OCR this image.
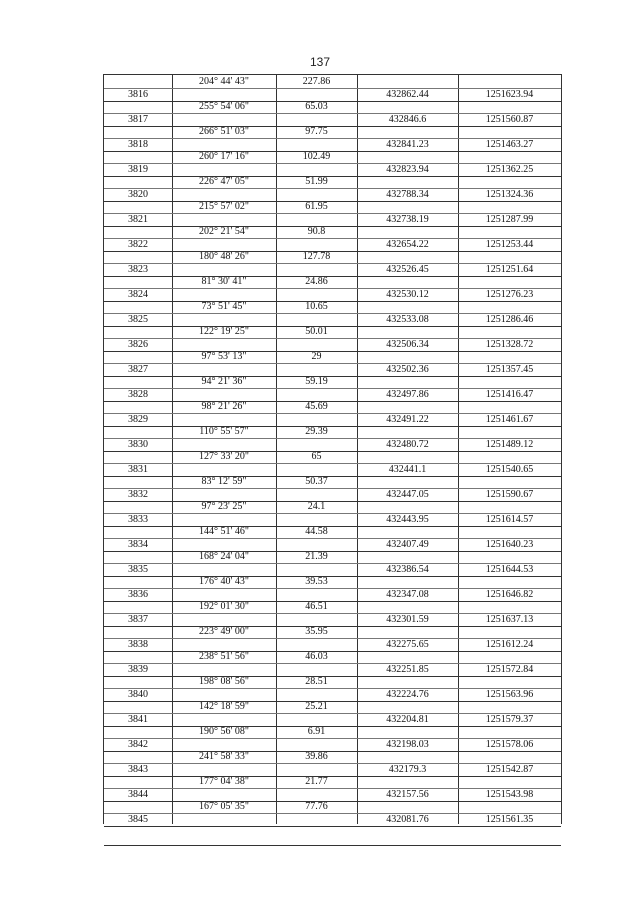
137
3816	432862.44	1251623.94
204° 44' 43"	227.86
3817	432846.6	1251560.87
255° 54' 06"	65.03
3818	432841.23	1251463.27
266° 51' 03"	97.75
3819	432823.94	1251362.25
260° 17' 16"	102.49
3820	432788.34	1251324.36
226° 47' 05"	51.99
3821	432738.19	1251287.99
215° 57' 02"	61.95
3822	432654.22	1251253.44
202° 21' 54"	90.8
3823	432526.45	1251251.64
180° 48' 26"	127.78
3824	432530.12	1251276.23
81° 30' 41"	24.86
3825	432533.08	1251286.46
73° 51' 45"	10.65
3826	432506.34	1251328.72
122° 19' 25"	50.01
3827	432502.36	1251357.45
97° 53' 13"	29
3828	432497.86	1251416.47
94° 21' 36"	59.19
3829	432491.22	1251461.67
98° 21' 26"	45.69
3830	432480.72	1251489.12
110° 55' 57"	29.39
3831	432441.1	1251540.65
127° 33' 20"	65
3832	432447.05	1251590.67
83° 12' 59"	50.37
3833	432443.95	1251614.57
97° 23' 25"	24.1
3834	432407.49	1251640.23
144° 51' 46"	44.58
3835	432386.54	1251644.53
168° 24' 04"	21.39
3836	432347.08	1251646.82
176° 40' 43"	39.53
3837	432301.59	1251637.13
192° 01' 30"	46.51
3838	432275.65	1251612.24
223° 49' 00"	35.95
3839	432251.85	1251572.84
238° 51' 56"	46.03
3840	432224.76	1251563.96
198° 08' 56"	28.51
3841	432204.81	1251579.37
142° 18' 59"	25.21
3842	432198.03	1251578.06
190° 56' 08"	6.91
3843	432179.3	1251542.87
241° 58' 33"	39.86
3844	432157.56	1251543.98
177° 04' 38"	21.77
3845	432081.76	1251561.35
167° 05' 35"	77.76
